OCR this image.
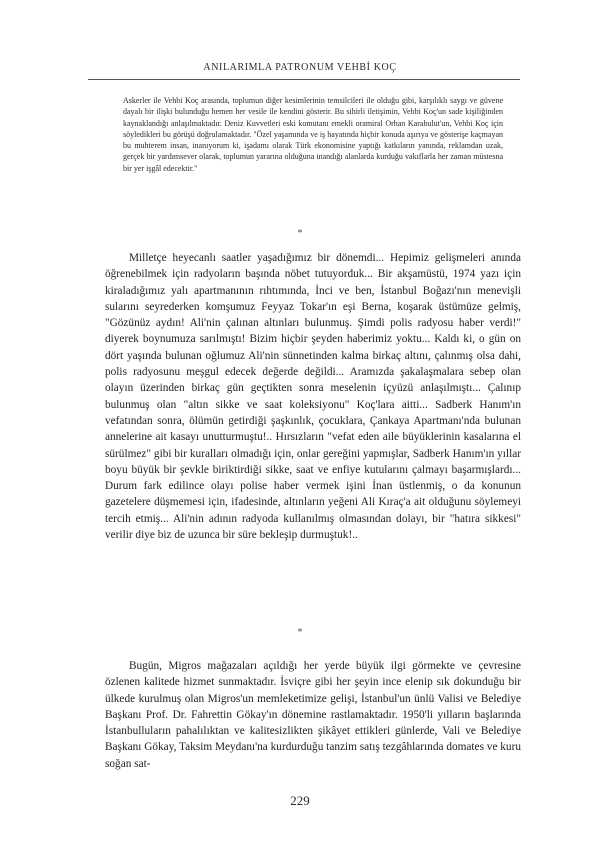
ANILARIMLA PATRONUM VEHBİ KOÇ

Askerler ile Vehbi Koç arasında, toplumun diğer kesimlerinin temsilcileri ile olduğu gibi, karşılıklı saygı ve güvene dayalı bir ilişki bulunduğu hemen her vesile ile kendini gösterir. Bu sihirli iletişimin, Vehbi Koç'un sade kişiliğinden kaynaklandığı anlaşılmaktadır. Deniz Kuvvetleri eski komutanı emekli oramiral Orhan Karabulut'un, Vehbi Koç için söyledikleri bu görüşü doğrulamaktadır. "Özel yaşamında ve iş hayatında hiçbir konuda aşırıya ve gösterişe kaçmayan bu muhterem insan, inanıyorum ki, işadamı olarak Türk ekonomisine yaptığı katkıların yanında, reklamdan uzak, gerçek bir yardımsever olarak, toplumun yararına olduğuna inandığı alanlarda kurduğu vakıflarla her zaman müstesna bir yer işgâl edecektir."

*

Milletçe heyecanlı saatler yaşadığımız bir dönemdi... Hepimiz gelişmeleri anında öğrenebilmek için radyoların başında nöbet tutuyorduk... Bir akşamüstü, 1974 yazı için kiraladığımız yalı apartmanının rıhtımında, İnci ve ben, İstanbul Boğazı'nın menevişli sularını seyrederken komşumuz Feyyaz Tokar'ın eşi Berna, koşarak üstümüze gelmiş, "Gözünüz aydın! Ali'nin çalınan altınları bulunmuş. Şimdi polis radyosu haber verdi!" diyerek boynumuza sarılmıştı! Bizim hiçbir şeyden haberimiz yoktu... Kaldı ki, o gün on dört yaşında bulunan oğlumuz Ali'nin sünnetinden kalma birkaç altını, çalınmış olsa dahi, polis radyosunu meşgul edecek değerde değildi... Aramızda şakalaşmalara sebep olan olayın üzerinden birkaç gün geçtikten sonra meselenin içyüzü anlaşılmıştı... Çalınıp bulunmuş olan "altın sikke ve saat koleksiyonu" Koç'lara aitti... Sadberk Hanım'ın vefatından sonra, ölümün getirdiği şaşkınlık, çocuklara, Çankaya Apartmanı'nda bulunan annelerine ait kasayı unutturmuştu!.. Hırsızların "vefat eden aile büyüklerinin kasalarına el sürülmez" gibi bir kuralları olmadığı için, onlar gereğini yapmışlar, Sadberk Hanım'ın yıllar boyu büyük bir şevkle biriktirdiği sikke, saat ve enfiye kutularını çalmayı başarmışlardı... Durum fark edilince olayı polise haber vermek işini İnan üstlenmiş, o da konunun gazetelere düşmemesi için, ifadesinde, altınların yeğeni Ali Kıraç'a ait olduğunu söylemeyi tercih etmiş... Ali'nin adının radyoda kullanılmış olmasından dolayı, bir "hatıra sikkesi" verilir diye biz de uzunca bir süre bekleşip durmuştuk!..

*

Bugün, Migros mağazaları açıldığı her yerde büyük ilgi görmekte ve çevresine özlenen kalitede hizmet sunmaktadır. İsviçre gibi her şeyin ince elenip sık dokunduğu bir ülkede kurulmuş olan Migros'un memleketimize gelişi, İstanbul'un ünlü Valisi ve Belediye Başkanı Prof. Dr. Fahrettin Gökay'ın dönemine rastlamaktadır. 1950'li yılların başlarında İstanbulluların pahalılıktan ve kalitesizlikten şikâyet ettikleri günlerde, Vali ve Belediye Başkanı Gökay, Taksim Meydanı'na kurdurduğu tanzim satış tezgâhlarında domates ve kuru soğan sat-

229
